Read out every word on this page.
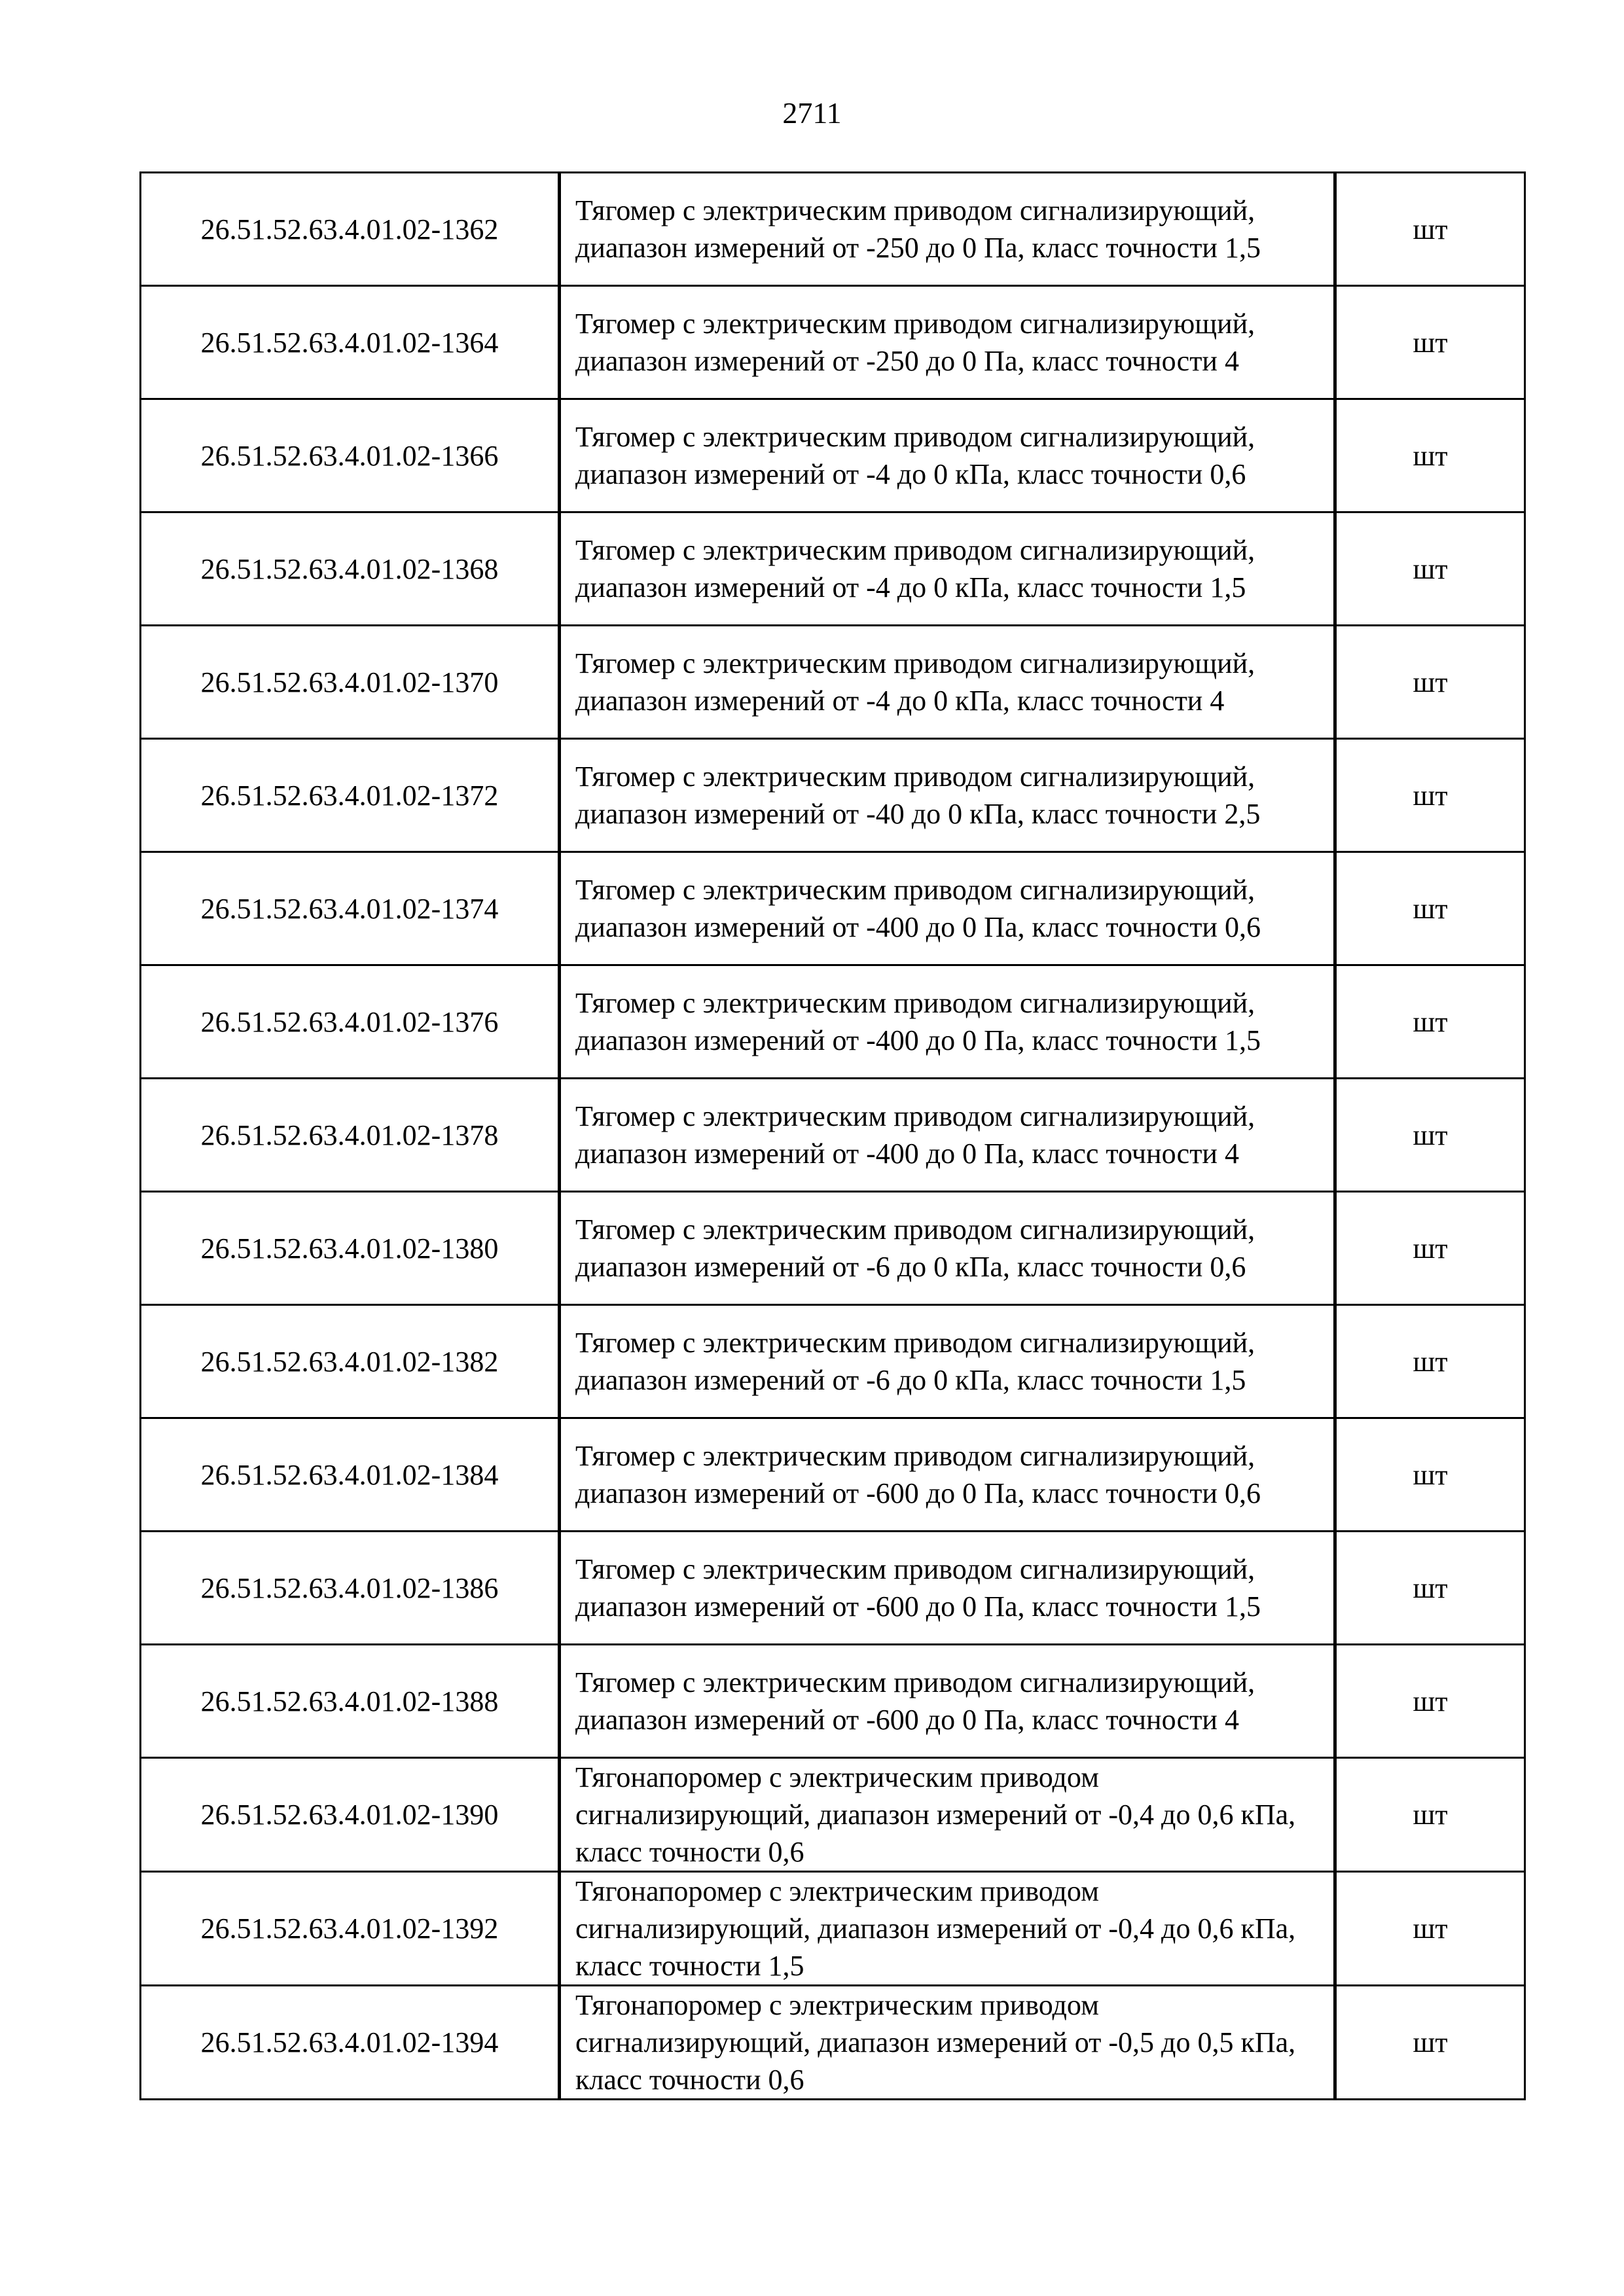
2711
26.51.52.63.4.01.02-1362	Тягомер с электрическим приводом сигнализирующий, диапазон измерений от -250 до 0 Па, класс точности 1,5	шт
26.51.52.63.4.01.02-1364	Тягомер с электрическим приводом сигнализирующий, диапазон измерений от -250 до 0 Па, класс точности 4	шт
26.51.52.63.4.01.02-1366	Тягомер с электрическим приводом сигнализирующий, диапазон измерений от -4 до 0 кПа, класс точности 0,6	шт
26.51.52.63.4.01.02-1368	Тягомер с электрическим приводом сигнализирующий, диапазон измерений от -4 до 0 кПа, класс точности 1,5	шт
26.51.52.63.4.01.02-1370	Тягомер с электрическим приводом сигнализирующий, диапазон измерений от -4 до 0 кПа, класс точности 4	шт
26.51.52.63.4.01.02-1372	Тягомер с электрическим приводом сигнализирующий, диапазон измерений от -40 до 0 кПа, класс точности 2,5	шт
26.51.52.63.4.01.02-1374	Тягомер с электрическим приводом сигнализирующий, диапазон измерений от -400 до 0 Па, класс точности 0,6	шт
26.51.52.63.4.01.02-1376	Тягомер с электрическим приводом сигнализирующий, диапазон измерений от -400 до 0 Па, класс точности 1,5	шт
26.51.52.63.4.01.02-1378	Тягомер с электрическим приводом сигнализирующий, диапазон измерений от -400 до 0 Па, класс точности 4	шт
26.51.52.63.4.01.02-1380	Тягомер с электрическим приводом сигнализирующий, диапазон измерений от -6 до 0 кПа, класс точности 0,6	шт
26.51.52.63.4.01.02-1382	Тягомер с электрическим приводом сигнализирующий, диапазон измерений от -6 до 0 кПа, класс точности 1,5	шт
26.51.52.63.4.01.02-1384	Тягомер с электрическим приводом сигнализирующий, диапазон измерений от -600 до 0 Па, класс точности 0,6	шт
26.51.52.63.4.01.02-1386	Тягомер с электрическим приводом сигнализирующий, диапазон измерений от -600 до 0 Па, класс точности 1,5	шт
26.51.52.63.4.01.02-1388	Тягомер с электрическим приводом сигнализирующий, диапазон измерений от -600 до 0 Па, класс точности 4	шт
26.51.52.63.4.01.02-1390	Тягонапоромер с электрическим приводом сигнализирующий, диапазон измерений от -0,4 до 0,6 кПа, класс точности 0,6	шт
26.51.52.63.4.01.02-1392	Тягонапоромер с электрическим приводом сигнализирующий, диапазон измерений от -0,4 до 0,6 кПа, класс точности 1,5	шт
26.51.52.63.4.01.02-1394	Тягонапоромер с электрическим приводом сигнализирующий, диапазон измерений от -0,5 до 0,5 кПа, класс точности 0,6	шт
